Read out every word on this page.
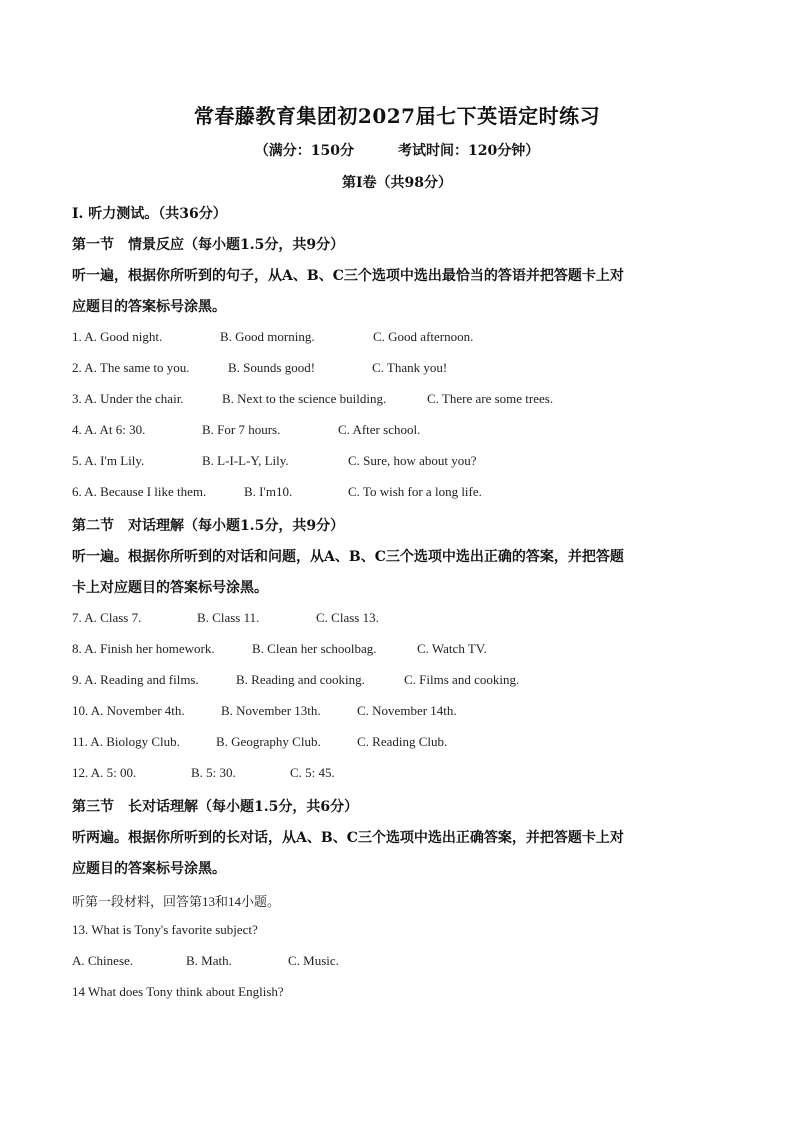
常春藤教育集团初2027届七下英语定时练习
（满分：150分	考试时间：120分钟）
第Ⅰ卷（共98分）
I. 听力测试。（共36分）
第一节　情景反应（每小题1.5分，共9分）
听一遍，根据你所听到的句子，从A、B、C三个选项中选出最恰当的答语并把答题卡上对
应题目的答案标号涂黑。
1. A. Good night.	B. Good morning.	C. Good afternoon.
2. A. The same to you.	B. Sounds good!	C. Thank you!
3. A. Under the chair.	B. Next to the science building.	C. There are some trees.
4. A. At 6: 30.	B. For 7 hours.	C. After school.
5. A. I'm Lily.	B. L-I-L-Y, Lily.	C. Sure, how about you?
6. A. Because I like them.	B. I'm10.	C. To wish for a long life.
第二节　对话理解（每小题1.5分，共9分）
听一遍。根据你所听到的对话和问题，从A、B、C三个选项中选出正确的答案，并把答题
卡上对应题目的答案标号涂黑。
7. A. Class 7.	B. Class 11.	C. Class 13.
8. A. Finish her homework.	B. Clean her schoolbag.	C. Watch TV.
9. A. Reading and films.	B. Reading and cooking.	C. Films and cooking.
10. A. November 4th.	B. November 13th.	C. November 14th.
11. A. Biology Club.	B. Geography Club.	C. Reading Club.
12. A. 5: 00.	B. 5: 30.	C. 5: 45.
第三节　长对话理解（每小题1.5分，共6分）
听两遍。根据你所听到的长对话，从A、B、C三个选项中选出正确答案，并把答题卡上对
应题目的答案标号涂黑。
听第一段材料，回答第13和14小题。
13. What is Tony's favorite subject?
A. Chinese.	B. Math.	C. Music.
14 What does Tony think about English?
